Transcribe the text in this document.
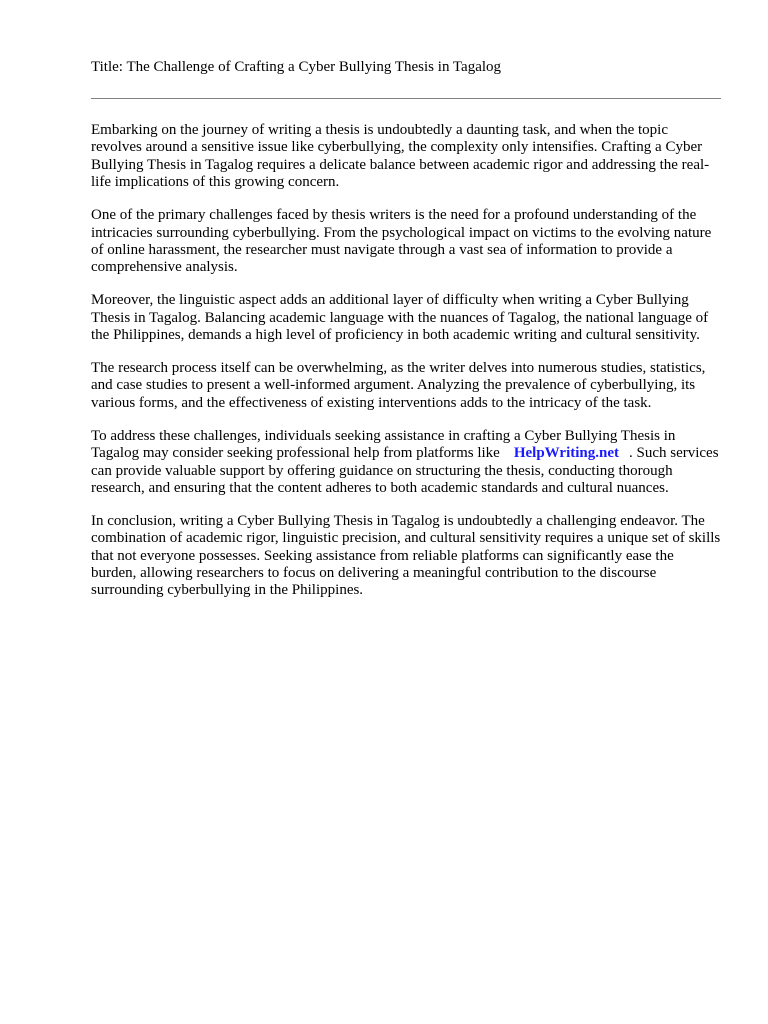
Title: The Challenge of Crafting a Cyber Bullying Thesis in Tagalog

Embarking on the journey of writing a thesis is undoubtedly a daunting task, and when the topic revolves around a sensitive issue like cyberbullying, the complexity only intensifies. Crafting a Cyber Bullying Thesis in Tagalog requires a delicate balance between academic rigor and addressing the real-life implications of this growing concern.

One of the primary challenges faced by thesis writers is the need for a profound understanding of the intricacies surrounding cyberbullying. From the psychological impact on victims to the evolving nature of online harassment, the researcher must navigate through a vast sea of information to provide a comprehensive analysis.

Moreover, the linguistic aspect adds an additional layer of difficulty when writing a Cyber Bullying Thesis in Tagalog. Balancing academic language with the nuances of Tagalog, the national language of the Philippines, demands a high level of proficiency in both academic writing and cultural sensitivity.

The research process itself can be overwhelming, as the writer delves into numerous studies, statistics, and case studies to present a well-informed argument. Analyzing the prevalence of cyberbullying, its various forms, and the effectiveness of existing interventions adds to the intricacy of the task.

To address these challenges, individuals seeking assistance in crafting a Cyber Bullying Thesis in Tagalog may consider seeking professional help from platforms like HelpWriting.net . Such services can provide valuable support by offering guidance on structuring the thesis, conducting thorough research, and ensuring that the content adheres to both academic standards and cultural nuances.

In conclusion, writing a Cyber Bullying Thesis in Tagalog is undoubtedly a challenging endeavor. The combination of academic rigor, linguistic precision, and cultural sensitivity requires a unique set of skills that not everyone possesses. Seeking assistance from reliable platforms can significantly ease the burden, allowing researchers to focus on delivering a meaningful contribution to the discourse surrounding cyberbullying in the Philippines.
